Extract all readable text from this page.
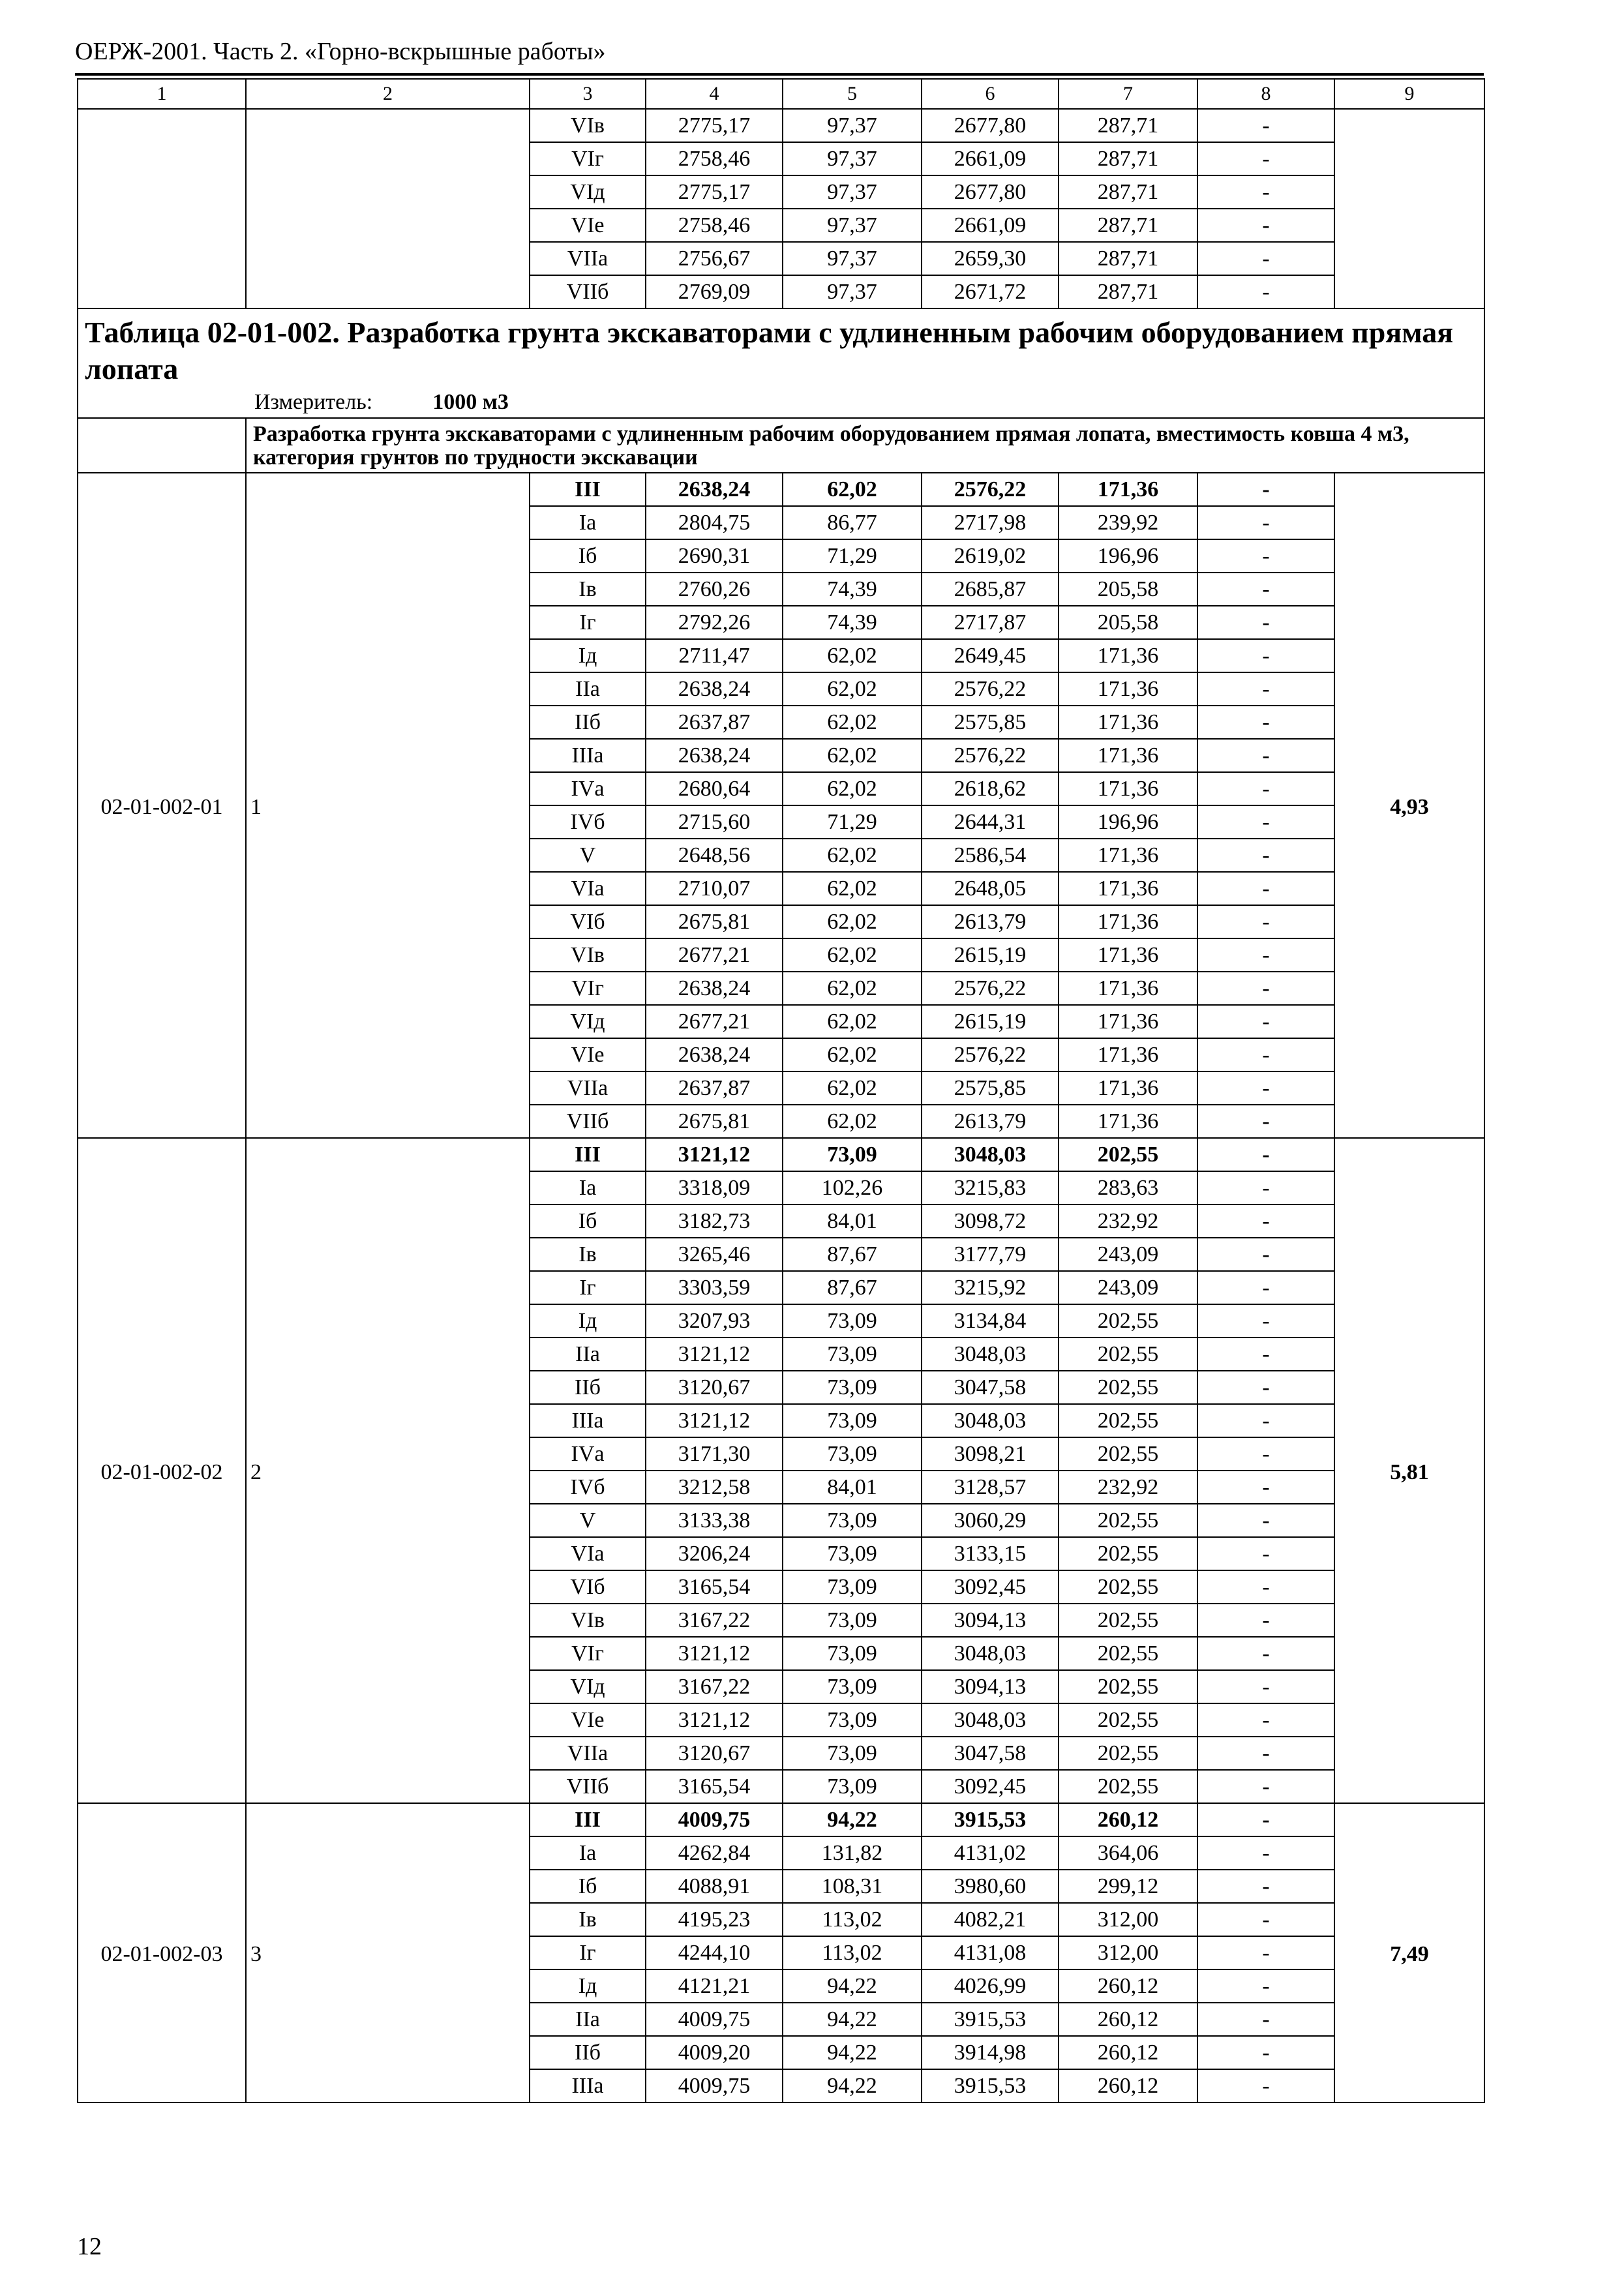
ОЕРЖ-2001. Часть 2. «Горно-вскрышные работы»
1	2	3	4	5	6	7	8	9
		VIв	2775,17	97,37	2677,80	287,71	-	
		VIг	2758,46	97,37	2661,09	287,71	-	
		VIд	2775,17	97,37	2677,80	287,71	-	
		VIе	2758,46	97,37	2661,09	287,71	-	
		VIIа	2756,67	97,37	2659,30	287,71	-	
		VIIб	2769,09	97,37	2671,72	287,71	-	

Таблица 02-01-002. Разработка грунта экскаваторами с удлиненным рабочим оборудованием прямая лопата
Измеритель: 1000 м3								

	Разработка грунта экскаваторами с удлиненным рабочим оборудованием прямая лопата, вместимость ковша 4 м3, категория грунтов по трудности экскавации							
02-01-002-01	1	III	2638,24	62,02	2576,22	171,36	-	4,93
		Iа	2804,75	86,77	2717,98	239,92	-	
		Iб	2690,31	71,29	2619,02	196,96	-	
		Iв	2760,26	74,39	2685,87	205,58	-	
		Iг	2792,26	74,39	2717,87	205,58	-	
		Iд	2711,47	62,02	2649,45	171,36	-	
		IIа	2638,24	62,02	2576,22	171,36	-	
		IIб	2637,87	62,02	2575,85	171,36	-	
		IIIа	2638,24	62,02	2576,22	171,36	-	
		IVа	2680,64	62,02	2618,62	171,36	-	
		IVб	2715,60	71,29	2644,31	196,96	-	
		V	2648,56	62,02	2586,54	171,36	-	
		VIа	2710,07	62,02	2648,05	171,36	-	
		VIб	2675,81	62,02	2613,79	171,36	-	
		VIв	2677,21	62,02	2615,19	171,36	-	
		VIг	2638,24	62,02	2576,22	171,36	-	
		VIд	2677,21	62,02	2615,19	171,36	-	
		VIе	2638,24	62,02	2576,22	171,36	-	
		VIIа	2637,87	62,02	2575,85	171,36	-	
		VIIб	2675,81	62,02	2613,79	171,36	-	
02-01-002-02	2	III	3121,12	73,09	3048,03	202,55	-	5,81
		Iа	3318,09	102,26	3215,83	283,63	-	
		Iб	3182,73	84,01	3098,72	232,92	-	
		Iв	3265,46	87,67	3177,79	243,09	-	
		Iг	3303,59	87,67	3215,92	243,09	-	
		Iд	3207,93	73,09	3134,84	202,55	-	
		IIа	3121,12	73,09	3048,03	202,55	-	
		IIб	3120,67	73,09	3047,58	202,55	-	
		IIIа	3121,12	73,09	3048,03	202,55	-	
		IVа	3171,30	73,09	3098,21	202,55	-	
		IVб	3212,58	84,01	3128,57	232,92	-	
		V	3133,38	73,09	3060,29	202,55	-	
		VIа	3206,24	73,09	3133,15	202,55	-	
		VIб	3165,54	73,09	3092,45	202,55	-	
		VIв	3167,22	73,09	3094,13	202,55	-	
		VIг	3121,12	73,09	3048,03	202,55	-	
		VIд	3167,22	73,09	3094,13	202,55	-	
		VIе	3121,12	73,09	3048,03	202,55	-	
		VIIа	3120,67	73,09	3047,58	202,55	-	
		VIIб	3165,54	73,09	3092,45	202,55	-	
02-01-002-03	3	III	4009,75	94,22	3915,53	260,12	-	7,49
		Iа	4262,84	131,82	4131,02	364,06	-	
		Iб	4088,91	108,31	3980,60	299,12	-	
		Iв	4195,23	113,02	4082,21	312,00	-	
		Iг	4244,10	113,02	4131,08	312,00	-	
		Iд	4121,21	94,22	4026,99	260,12	-	
		IIа	4009,75	94,22	3915,53	260,12	-	
		IIб	4009,20	94,22	3914,98	260,12	-	
		IIIа	4009,75	94,22	3915,53	260,12	-	
12
